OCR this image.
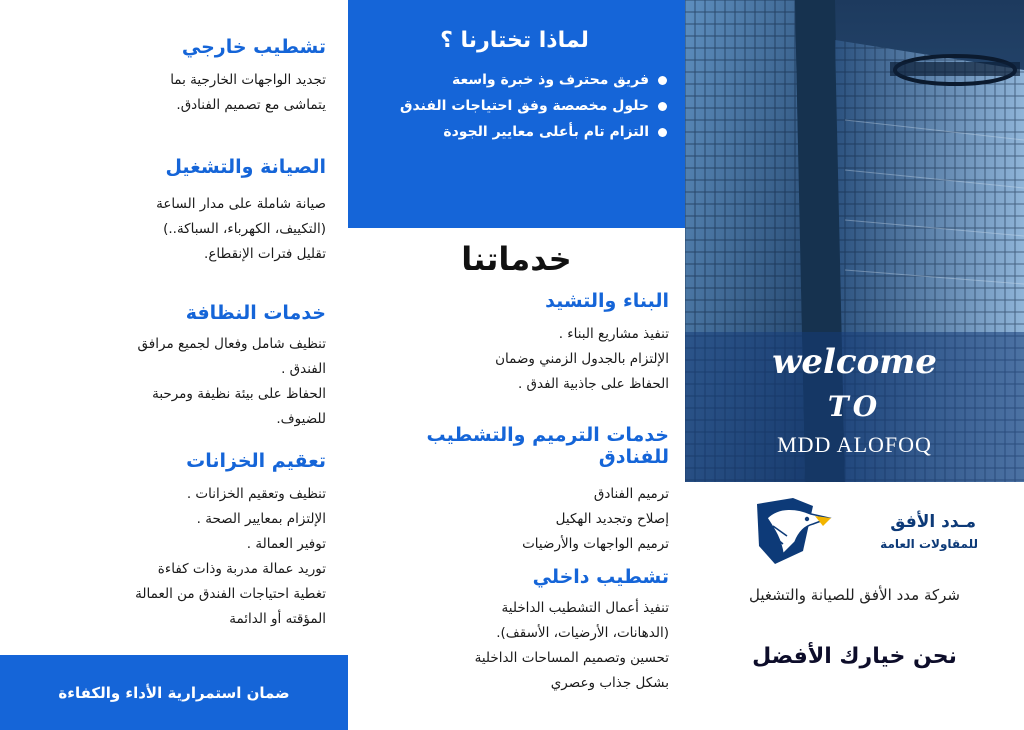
تشطيب خارجي
تجديد الواجهات الخارجية بما
يتماشى مع تصميم الفنادق.
الصيانة والتشغيل
صيانة شاملة على مدار الساعة
(التكييف، الكهرباء، السباكة..)
تقليل فترات الإنقطاع.
خدمات النظافة
تنظيف شامل وفعال لجميع مرافق
الفندق .
الحفاظ على بيئة نظيفة ومرحبة
للضيوف.
تعقيم الخزانات
تنظيف وتعقيم الخزانات .
الإلتزام بمعايير الصحة .
توفير العمالة .
توريد عمالة مدربة وذات كفاءة
تغطية احتياجات الفندق من العمالة
المؤقته أو الدائمة
ضمان استمرارية الأداء والكفاءة
لماذا تختارنا ؟
فريق محترف وذ خبرة واسعة
حلول مخصصة وفق احتياجات الفندق
التزام تام بأعلى معايير الجودة
خدماتنا
البناء والتشيد
تنفيذ مشاريع البناء .
الإلتزام بالجدول الزمني وضمان
الحفاظ على جاذبية الفدق .
خدمات الترميم والتشطيب للفنادق
ترميم الفنادق
إصلاح وتجديد الهكيل
ترميم الواجهات والأرضيات
تشطيب داخلي
تنفيذ أعمال التشطيب الداخلية
(الدهانات، الأرضيات، الأسقف).
تحسين وتصميم المساحات الداخلية
بشكل جذاب وعصري
welcome
TO
MDD ALOFOQ
مـدد الأفق
للمقاولات العامة
شركة مدد الأفق للصيانة والتشغيل
نحن خيارك الأفضل
